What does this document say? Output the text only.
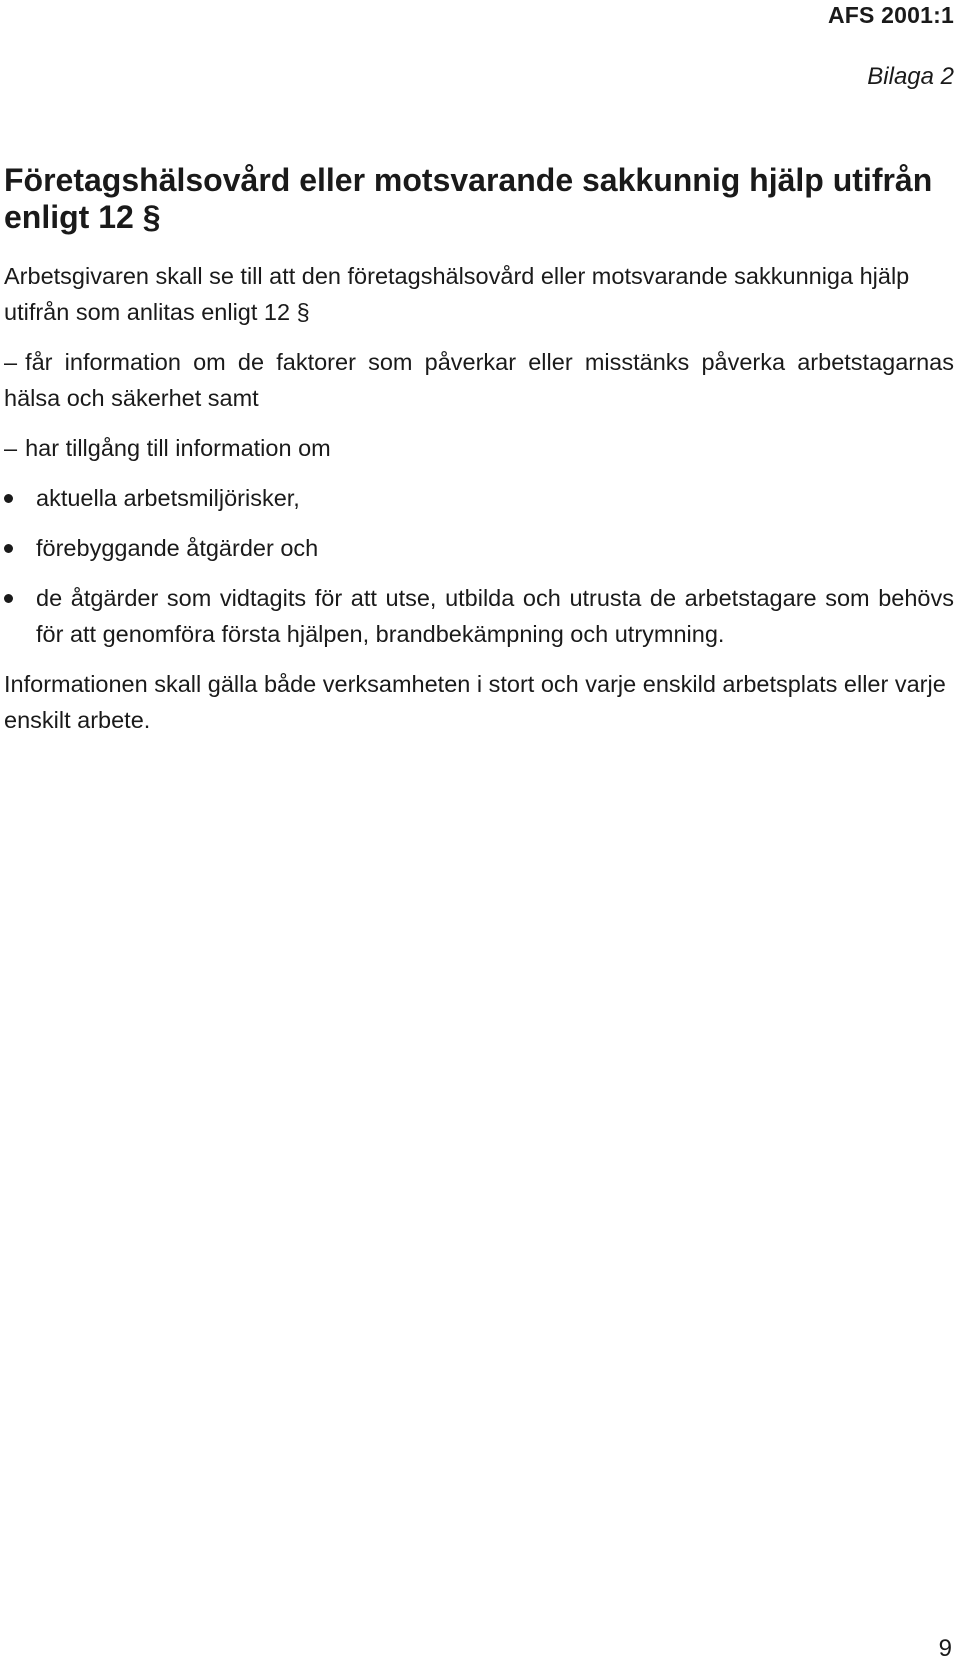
AFS 2001:1
Bilaga 2
Företagshälsovård eller motsvarande sakkunnig hjälp utifrån enligt 12 §

Arbetsgivaren skall se till att den företagshälsovård eller motsvarande sakkunniga hjälp utifrån som anlitas enligt 12 §

– får information om de faktorer som påverkar eller misstänks påverka arbetstagarnas hälsa och säkerhet samt

– har tillgång till information om

aktuella arbetsmiljörisker,
förebyggande åtgärder och
de åtgärder som vidtagits för att utse, utbilda och utrusta de arbetstagare som behövs för att genomföra första hjälpen, brandbekämpning och utrymning.

Informationen skall gälla både verksamheten i stort och varje enskild arbetsplats eller varje enskilt arbete.

9
